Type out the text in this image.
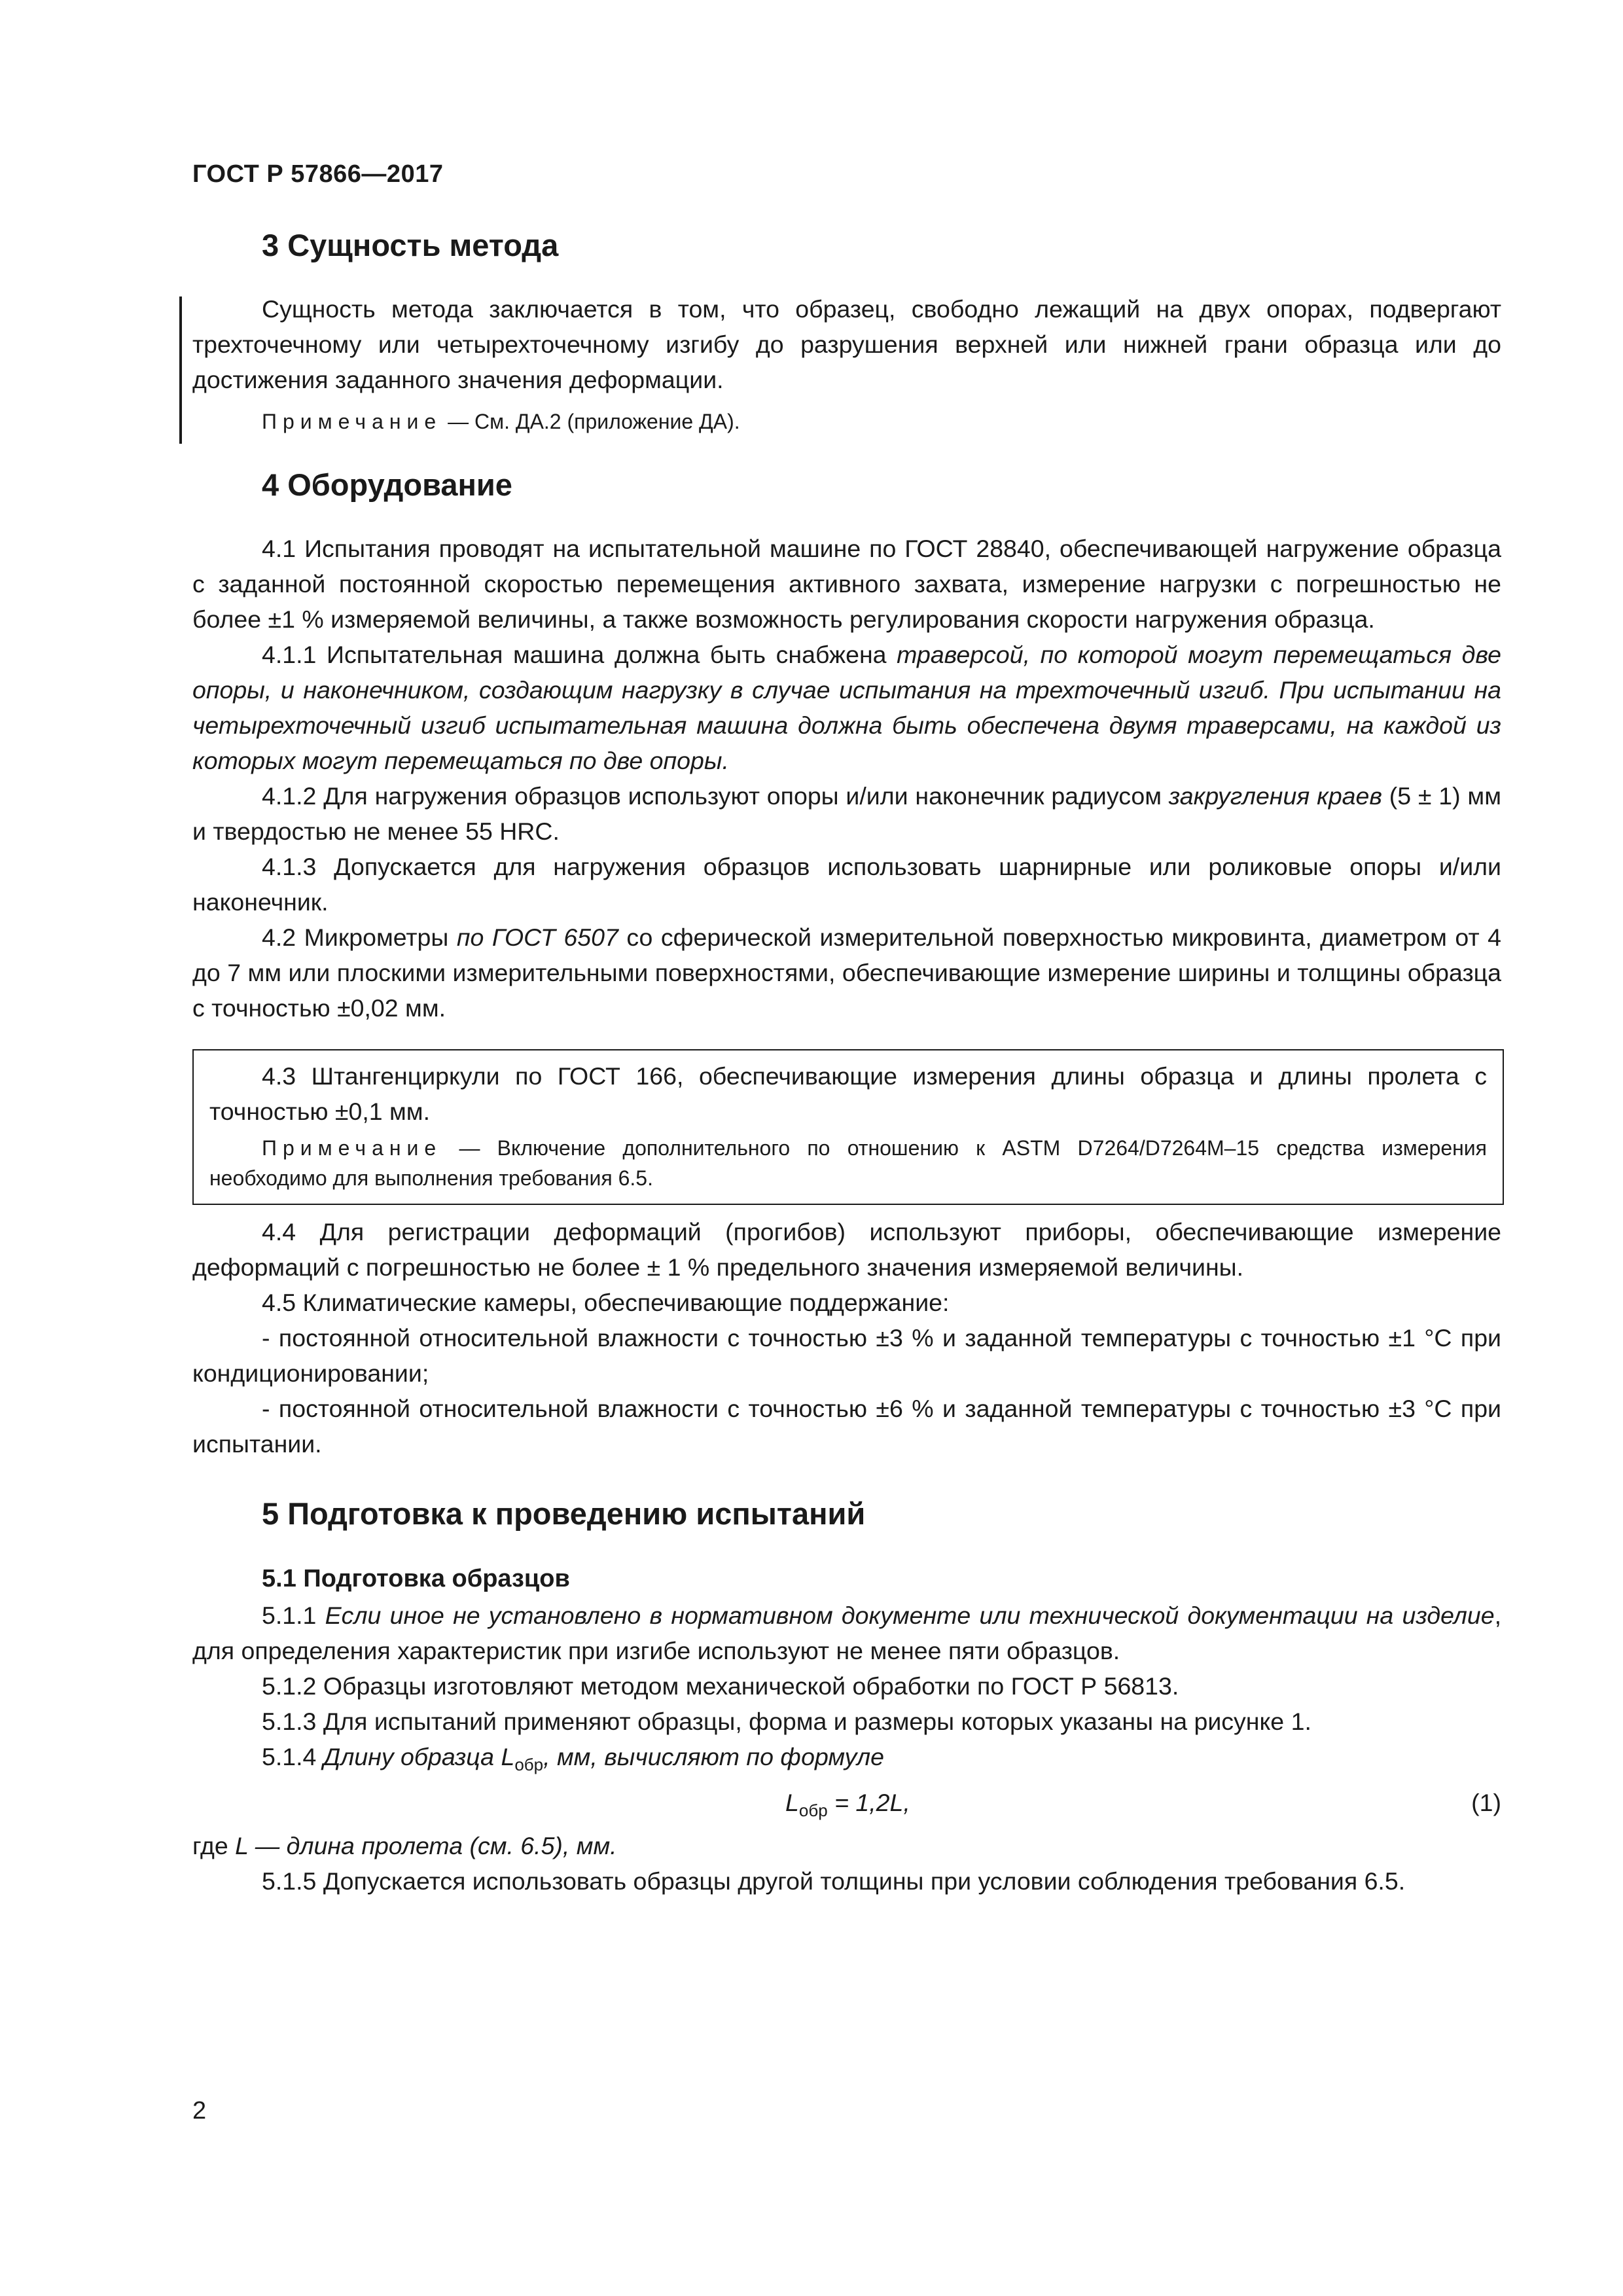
ГОСТ Р 57866—2017
3 Сущность метода

Сущность метода заключается в том, что образец, свободно лежащий на двух опорах, подвергают трехточечному или четырехточечному изгибу до разрушения верхней или нижней грани образца или до достижения заданного значения деформации.

Примечание — См. ДА.2 (приложение ДА).

4 Оборудование

4.1 Испытания проводят на испытательной машине по ГОСТ 28840, обеспечивающей нагружение образца с заданной постоянной скоростью перемещения активного захвата, измерение нагрузки с погрешностью не более ±1 % измеряемой величины, а также возможность регулирования скорости нагружения образца.

4.1.1 Испытательная машина должна быть снабжена траверсой, по которой могут перемещаться две опоры, и наконечником, создающим нагрузку в случае испытания на трехточечный изгиб. При испытании на четырехточечный изгиб испытательная машина должна быть обеспечена двумя траверсами, на каждой из которых могут перемещаться по две опоры.

4.1.2 Для нагружения образцов используют опоры и/или наконечник радиусом закругления краев (5 ± 1) мм и твердостью не менее 55 HRC.

4.1.3 Допускается для нагружения образцов использовать шарнирные или роликовые опоры и/или наконечник.

4.2 Микрометры по ГОСТ 6507 со сферической измерительной поверхностью микровинта, диаметром от 4 до 7 мм или плоскими измерительными поверхностями, обеспечивающие измерение ширины и толщины образца с точностью ±0,02 мм.

4.3 Штангенциркули по ГОСТ 166, обеспечивающие измерения длины образца и длины пролета с точностью ±0,1 мм.

Примечание — Включение дополнительного по отношению к ASTM D7264/D7264M–15 средства измерения необходимо для выполнения требования 6.5.

4.4 Для регистрации деформаций (прогибов) используют приборы, обеспечивающие измерение деформаций с погрешностью не более ± 1 % предельного значения измеряемой величины.

4.5 Климатические камеры, обеспечивающие поддержание:

- постоянной относительной влажности с точностью ±3 % и заданной температуры с точностью ±1 °С при кондиционировании;

- постоянной относительной влажности с точностью ±6 % и заданной температуры с точностью ±3 °С при испытании.

5 Подготовка к проведению испытаний
5.1 Подготовка образцов

5.1.1 Если иное не установлено в нормативном документе или технической документации на изделие, для определения характеристик при изгибе используют не менее пяти образцов.

5.1.2 Образцы изготовляют методом механической обработки по ГОСТ Р 56813.

5.1.3 Для испытаний применяют образцы, форма и размеры которых указаны на рисунке 1.

5.1.4 Длину образца $L_{обр}$, мм, вычисляют по формуле

$L_{обр} = 1,2L$,	(1)

где L — длина пролета (см. 6.5), мм.

5.1.5 Допускается использовать образцы другой толщины при условии соблюдения требования 6.5.

2
